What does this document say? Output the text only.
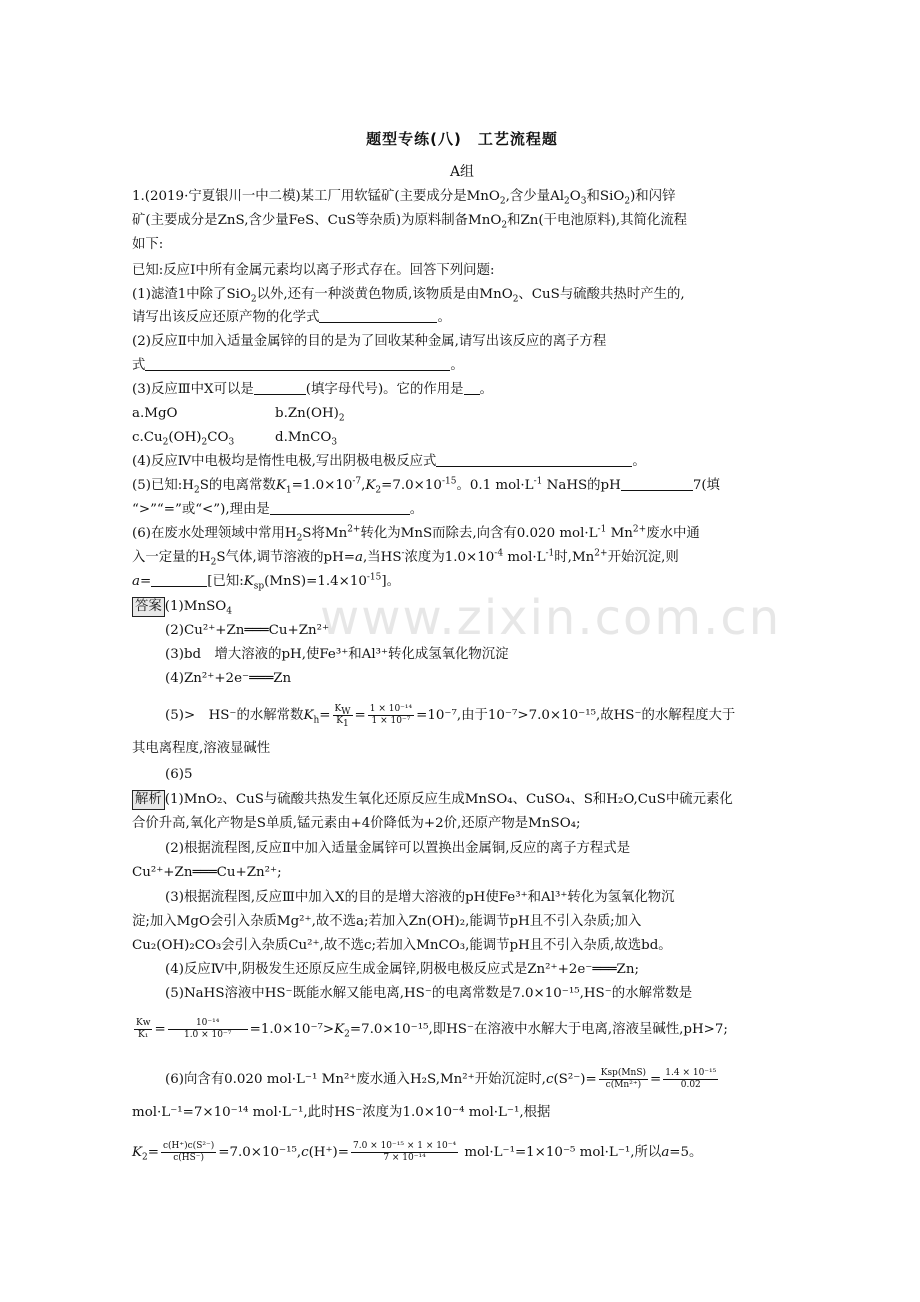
题型专练(八)　工艺流程题
A组
www.zixin.com.cn
1.(2019·宁夏银川一中二模)某工厂用软锰矿(主要成分是MnO$_2$,含少量$Al_2O_3$和SiO$_2$)和闪锌
矿(主要成分是ZnS,含少量FeS、CuS等杂质)为原料制备MnO$_2$和Zn(干电池原料),其简化流程
如下:
已知:反应Ⅰ中所有金属元素均以离子形式存在。回答下列问题:
(1)滤渣1中除了SiO$_2$以外,还有一种淡黄色物质,该物质是由MnO$_2$、CuS与硫酸共热时产生的,
请写出该反应还原产物的化学式	。
(2)反应Ⅱ中加入适量金属锌的目的是为了回收某种金属,请写出该反应的离子方程
式	。
(3)反应Ⅲ中X可以是	(填字母代号)。它的作用是 。
a.MgO	$b.Zn(OH)_2$
$c.Cu_2(OH)_2CO_3$	d.MnCO$_3$
(4)反应Ⅳ中电极均是惰性电极,写出阴极电极反应式	。
(5)已知$:H_2S$的电离常数$K_1=1.0\times 10^{-7},K_2=7.0\times 10^{-15}$。0.1 $mol\cdot L^{-1}$ NaHS的pH	7(填
“>”“=”或“<”),理由是	。
(6)在废水处理领域中常用$H_2S$将$Mn^{2+}$转化为MnS而除去,向含有0.020 $mol\cdot L^{-1}$ $Mn^{2+}$废水中通
入一定量的$H_2S$气体,调节溶液的pH=a,当HS-浓度为$1.0\times 10^{-4}$ $mol\cdot L^{-1}$时$,Mn^{2+}$开始沉淀,则
a=	[已知$:K_{sp}(MnS)=1.4\times 10^{-15}$]。
答案 (1)MnSO$_4$
(2)Cu²⁺+Zn═══Cu+Zn²⁺
(3)bd　增大溶液的pH,使Fe³⁺和Al³⁺转化成氢氧化物沉淀
(4)Zn²⁺+2e⁻═══Zn
(5)>　HS⁻的水解常数$K_h= \frac{K_W}{K_1} = \frac{\text{1 × 10⁻¹⁴}}{\text{1 × 10⁻⁷}} =10^{-7}$,由于10⁻⁷>7.0×10⁻¹⁵,故HS⁻的水解程度大于
其电离程度,溶液显碱性
(6)5
解析 (1)MnO₂、CuS与硫酸共热发生氧化还原反应生成MnSO₄、CuSO₄、S和H₂O,CuS中硫元素化
合价升高,氧化产物是S单质,锰元素由+4价降低为+2价,还原产物是MnSO₄;
(2)根据流程图,反应Ⅱ中加入适量金属锌可以置换出金属铜,反应的离子方程式是
Cu²⁺+Zn═══Cu+Zn²⁺;
(3)根据流程图,反应Ⅲ中加入X的目的是增大溶液的pH使Fe³⁺和Al³⁺转化为氢氧化物沉
淀;加入MgO会引入杂质Mg²⁺,故不选a;若加入Zn(OH)₂,能调节pH且不引入杂质;加入
Cu₂(OH)₂CO₃会引入杂质Cu²⁺,故不选c;若加入MnCO₃,能调节pH且不引入杂质,故选bd。
(4)反应Ⅳ中,阴极发生还原反应生成金属锌,阴极电极反应式是Zn²⁺+2e⁻═══Zn;
(5)NaHS溶液中HS⁻既能水解又能电离,HS⁻的电离常数是7.0×10⁻¹⁵,HS⁻的水解常数是
$\frac{Kw}{\text{K₁}} = \frac{\text{10⁻¹⁴}}{\text{1.0 × 10⁻⁷}} =1.0\times 10^{-7}>K_2=7.0\times 10^{-15}$,即HS⁻在溶液中水解大于电离,溶液呈碱性,pH>7;
(6)向含有0.020 mol·L⁻¹ Mn²⁺废水通入H₂S,Mn²⁺开始沉淀时$,c(S^{2-})= \frac{\text{Ksp(MnS)}}{\text{c(Mn²⁺)}} = \frac{\text{1.4 × 10⁻¹⁵}}{0.02}$
mol·L⁻¹=7×10⁻¹⁴ mol·L⁻¹,此时HS⁻浓度为1.0×10⁻⁴ mol·L⁻¹,根据
$K_2= \frac{\text{c(H⁺)c(S²⁻)}}{c(HS^-)} =7.0\times 10^{-15},c(H^+)= \frac{\text{7.0 × 10⁻¹⁵ × 1 × 10⁻⁴}}{\text{7 × 10⁻¹⁴}} mol\cdot L^{-1}=1\times 10^{-5}$ mol·L⁻¹,所以a=5。
